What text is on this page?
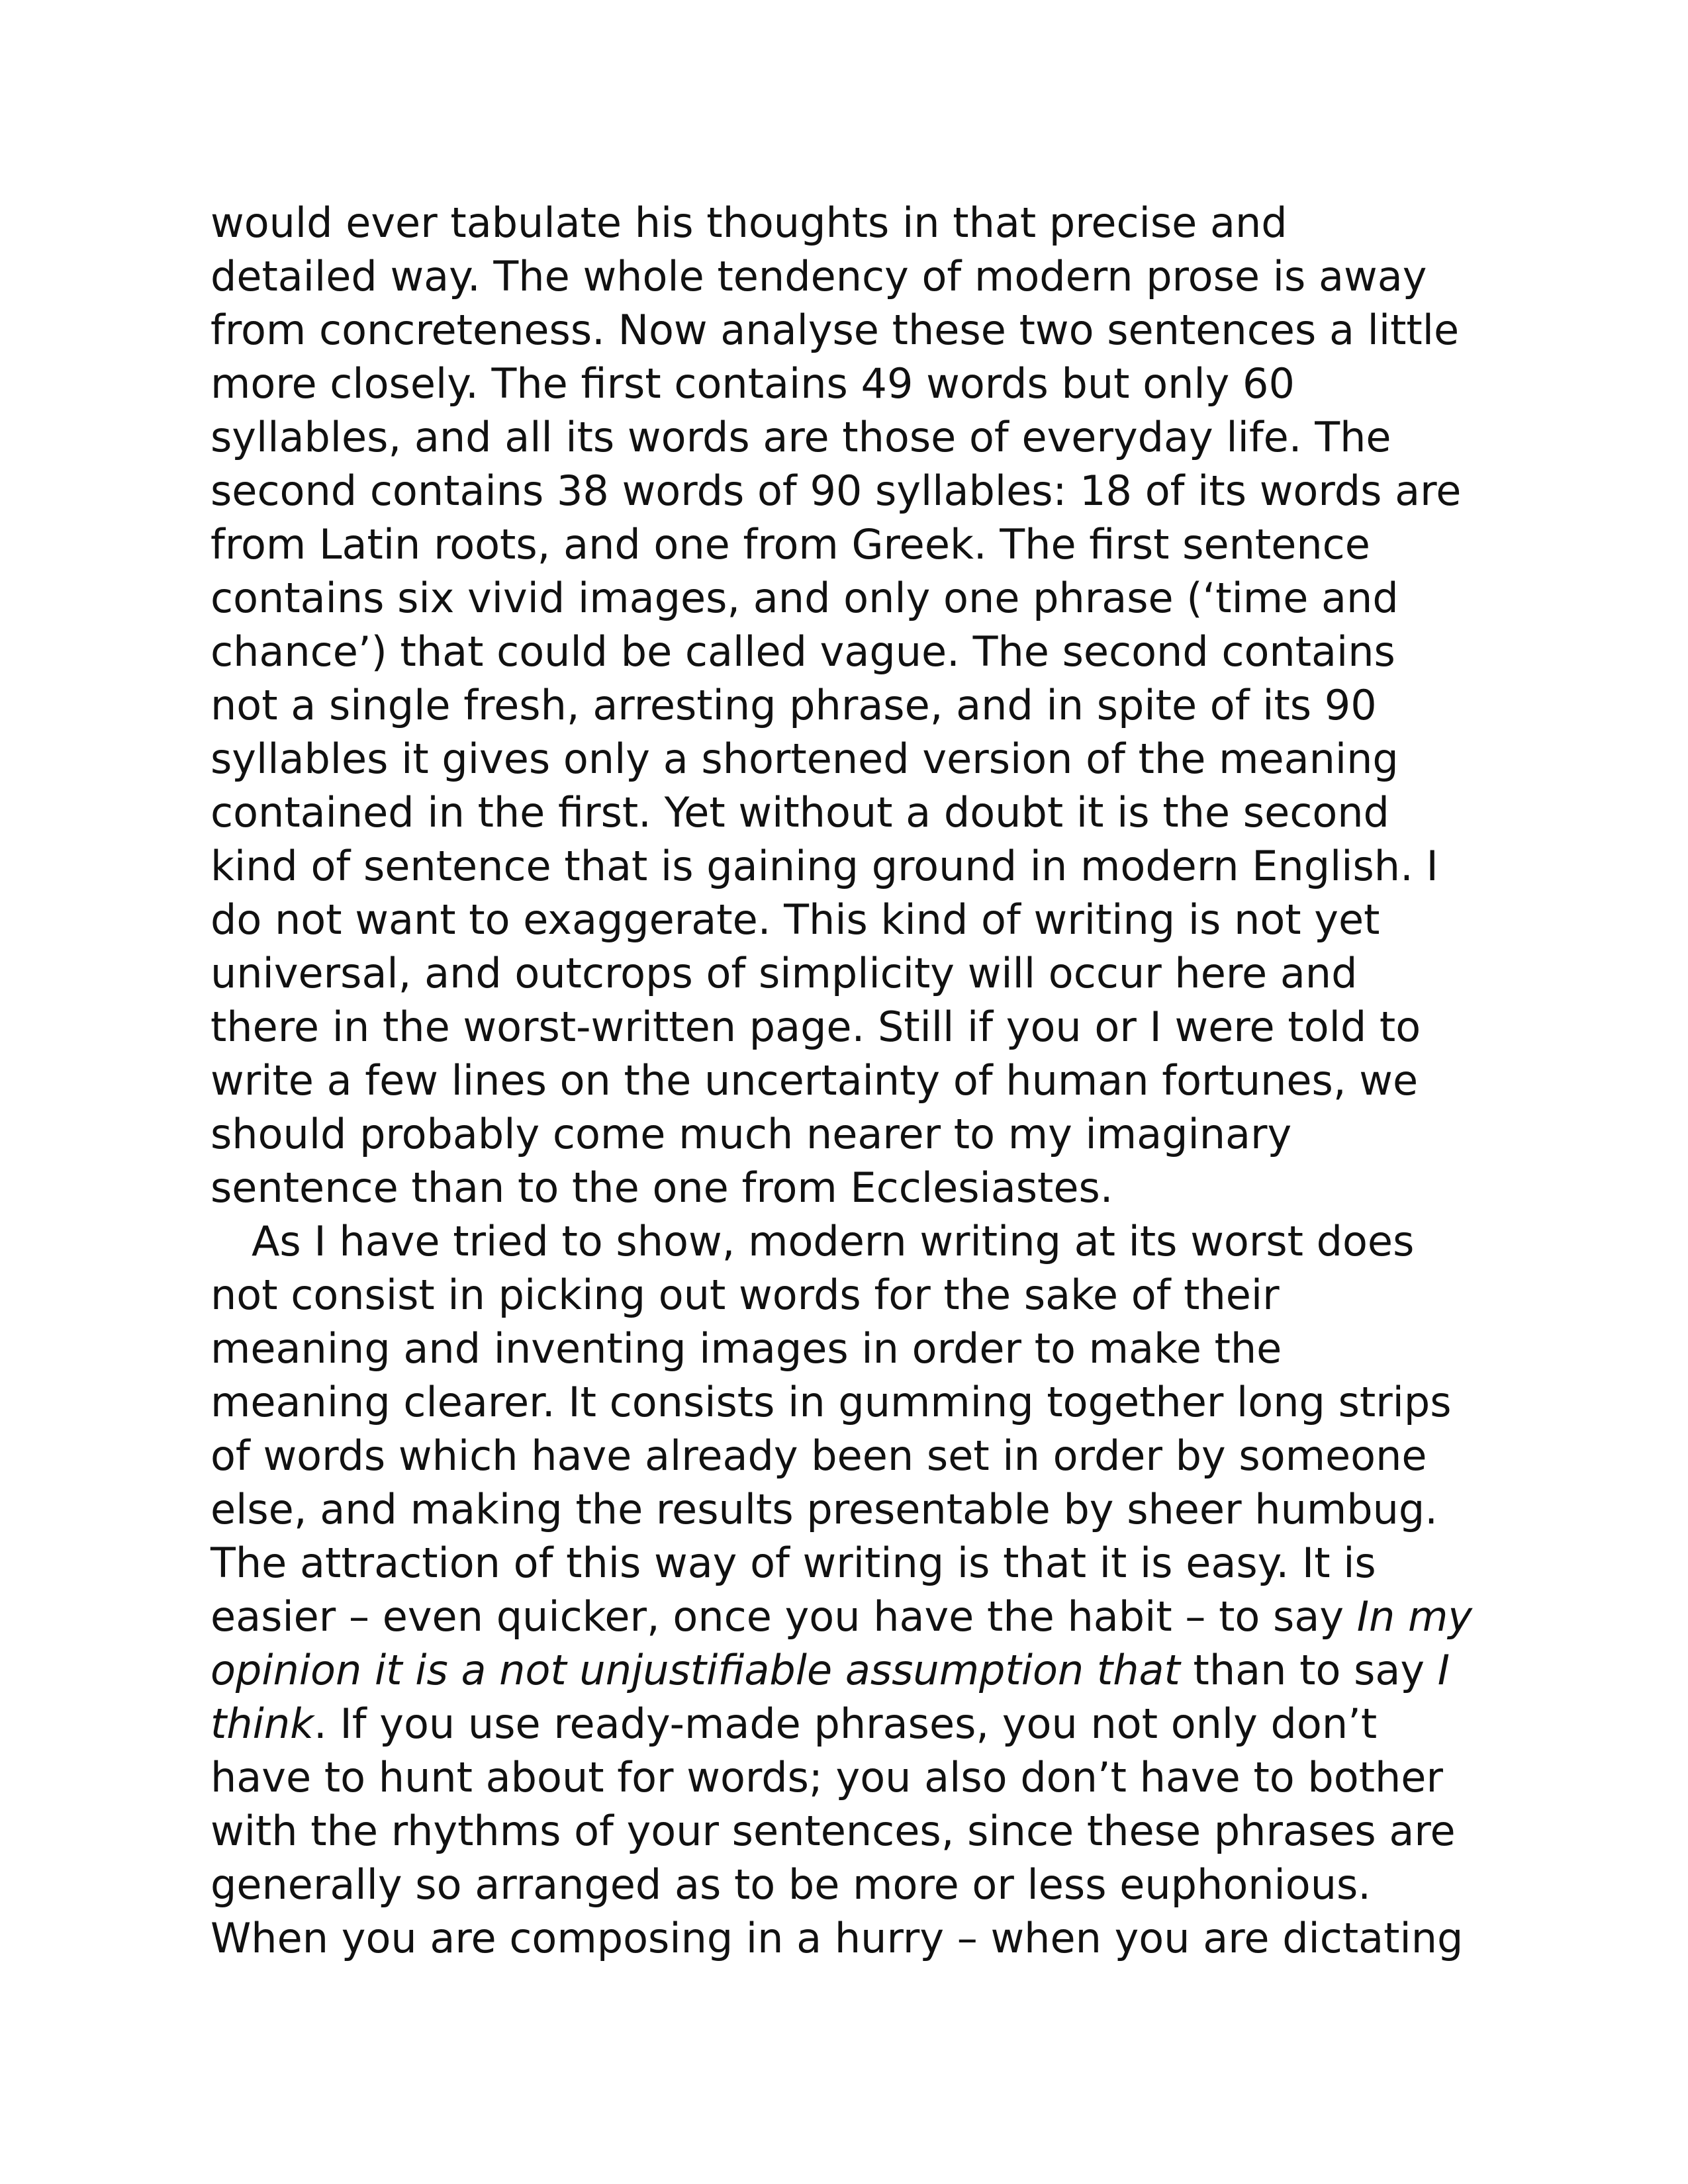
would ever tabulate his thoughts in that precise and
detailed way. The whole tendency of modern prose is away
from concreteness. Now analyse these two sentences a little
more closely. The first contains 49 words but only 60
syllables, and all its words are those of everyday life. The
second contains 38 words of 90 syllables: 18 of its words are
from Latin roots, and one from Greek. The first sentence
contains six vivid images, and only one phrase (‘time and
chance’) that could be called vague. The second contains
not a single fresh, arresting phrase, and in spite of its 90
syllables it gives only a shortened version of the meaning
contained in the first. Yet without a doubt it is the second
kind of sentence that is gaining ground in modern English. I
do not want to exaggerate. This kind of writing is not yet
universal, and outcrops of simplicity will occur here and
there in the worst-written page. Still if you or I were told to
write a few lines on the uncertainty of human fortunes, we
should probably come much nearer to my imaginary
sentence than to the one from Ecclesiastes.
As I have tried to show, modern writing at its worst does
not consist in picking out words for the sake of their
meaning and inventing images in order to make the
meaning clearer. It consists in gumming together long strips
of words which have already been set in order by someone
else, and making the results presentable by sheer humbug.
The attraction of this way of writing is that it is easy. It is
easier – even quicker, once you have the habit – to say In my
opinion it is a not unjustifiable assumption that than to say I
think. If you use ready-made phrases, you not only don’t
have to hunt about for words; you also don’t have to bother
with the rhythms of your sentences, since these phrases are
generally so arranged as to be more or less euphonious.
When you are composing in a hurry – when you are dictating
